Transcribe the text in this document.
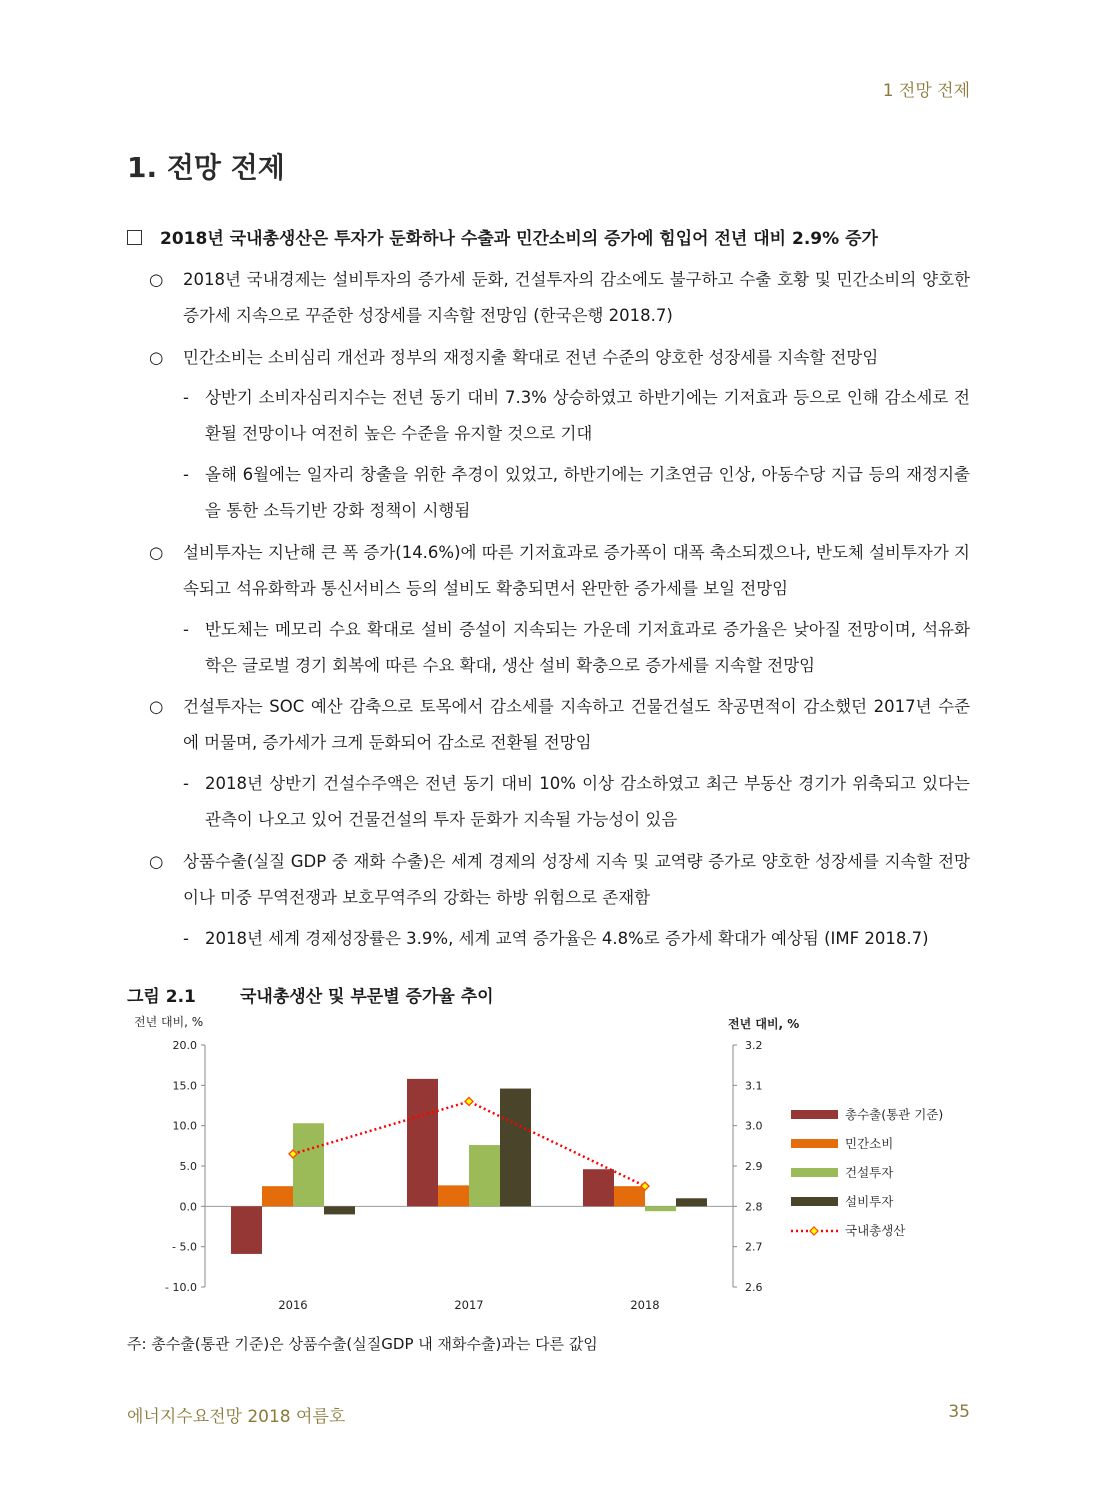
1 전망 전제
1. 전망 전제
2018년 국내총생산은 투자가 둔화하나 수출과 민간소비의 증가에 힘입어 전년 대비 2.9% 증가
○ 2018년 국내경제는 설비투자의 증가세 둔화, 건설투자의 감소에도 불구하고 수출 호황 및 민간소비의 양호한 증가세 지속으로 꾸준한 성장세를 지속할 전망임 (한국은행 2018.7)
○ 민간소비는 소비심리 개선과 정부의 재정지출 확대로 전년 수준의 양호한 성장세를 지속할 전망임
- 상반기 소비자심리지수는 전년 동기 대비 7.3% 상승하였고 하반기에는 기저효과 등으로 인해 감소세로 전환될 전망이나 여전히 높은 수준을 유지할 것으로 기대
- 올해 6월에는 일자리 창출을 위한 추경이 있었고, 하반기에는 기초연금 인상, 아동수당 지급 등의 재정지출을 통한 소득기반 강화 정책이 시행됨
○ 설비투자는 지난해 큰 폭 증가(14.6%)에 따른 기저효과로 증가폭이 대폭 축소되겠으나, 반도체 설비투자가 지속되고 석유화학과 통신서비스 등의 설비도 확충되면서 완만한 증가세를 보일 전망임
- 반도체는 메모리 수요 확대로 설비 증설이 지속되는 가운데 기저효과로 증가율은 낮아질 전망이며, 석유화학은 글로벌 경기 회복에 따른 수요 확대, 생산 설비 확충으로 증가세를 지속할 전망임
○ 건설투자는 SOC 예산 감축으로 토목에서 감소세를 지속하고 건물건설도 착공면적이 감소했던 2017년 수준에 머물며, 증가세가 크게 둔화되어 감소로 전환될 전망임
- 2018년 상반기 건설수주액은 전년 동기 대비 10% 이상 감소하였고 최근 부동산 경기가 위축되고 있다는 관측이 나오고 있어 건물건설의 투자 둔화가 지속될 가능성이 있음
○ 상품수출(실질 GDP 중 재화 수출)은 세계 경제의 성장세 지속 및 교역량 증가로 양호한 성장세를 지속할 전망이나 미중 무역전쟁과 보호무역주의 강화는 하방 위험으로 존재함
- 2018년 세계 경제성장률은 3.9%, 세계 교역 증가율은 4.8%로 증가세 확대가 예상됨 (IMF 2018.7)
그림 2.1	국내총생산 및 부문별 증가율 추이
전년 대비, %	전년 대비, %
20.0
15.0
10.0
5.0
0.0
- 5.0
- 10.0
3.2
3.1
3.0
2.9
2.8
2.7
2.6
2016	2017	2018
총수출(통관 기준)
민간소비
건설투자
설비투자
국내총생산
주: 총수출(통관 기준)은 상품수출(실질GDP 내 재화수출)과는 다른 값임
에너지수요전망 2018 여름호	35
